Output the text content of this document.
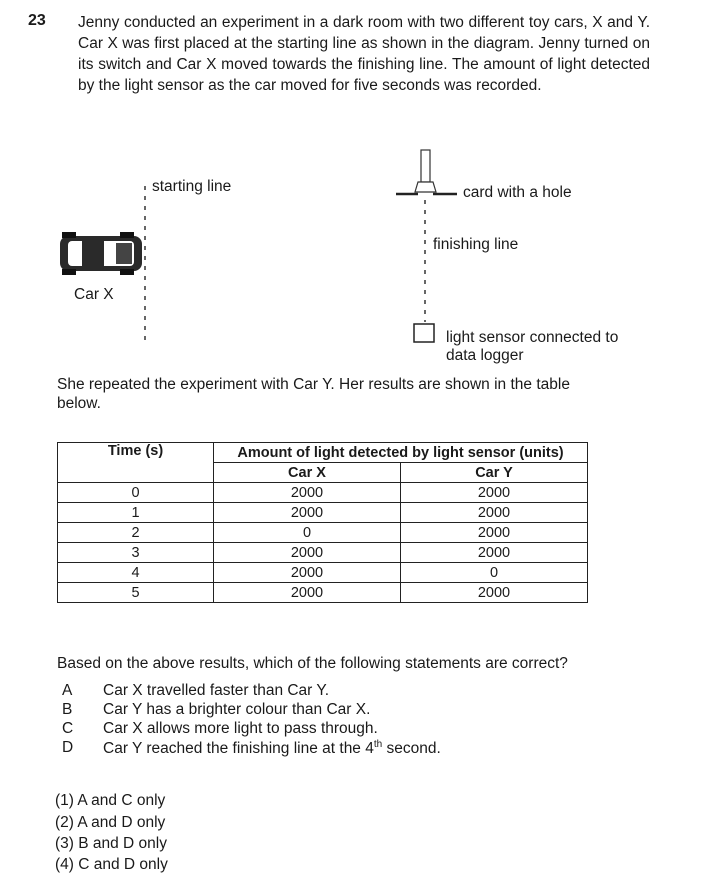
23 Jenny conducted an experiment in a dark room with two different toy cars, X and Y. Car X was first placed at the starting line as shown in the diagram. Jenny turned on its switch and Car X moved towards the finishing line. The amount of light detected by the light sensor as the car moved for five seconds was recorded.
starting line
Car X
card with a hole
finishing line
light sensor connected to
data logger
She repeated the experiment with Car Y. Her results are shown in the table below.
Time (s)	Amount of light detected by light sensor (units)	
	Car X	Car Y
0	2000	2000
1	2000	2000
2	0	2000
3	2000	2000
4	2000	0
5	2000	2000
Based on the above results, which of the following statements are correct?
A Car X travelled faster than Car Y.
B Car Y has a brighter colour than Car X.
C Car X allows more light to pass through.
D Car Y reached the finishing line at the 4th second.
(1) A and C only
(2) A and D only
(3) B and D only
(4) C and D only
